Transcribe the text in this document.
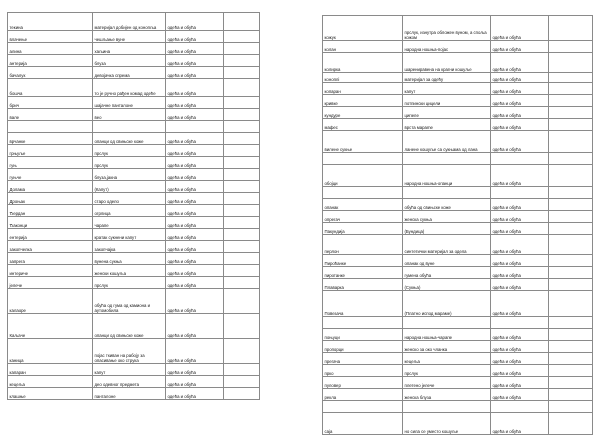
текина	материјал добијен од конопља	одећа и обућа	
влачење	чешљање вуне	одећа и обућа	
алина	хаљина	одећа и обућа	
антерија	блуза	одећа и обућа	
бачалук	девојачка спрема	одећа и обућа	
бошча	то је ручно рађен комад одеће	одећа и обућа	
брич	шајачне панталоне	одећа и обућа	
вале	вео	одећа и обућа	

врчанке	опанци од свињске коже	одећа и обућа	
грњуље	прслук	одећа и обућа	
гуњ	прслук	одећа и обућа	
гуњче	блуза,јакна	одећа и обућа	
Долама	(Капут)	одећа и обућа	
Дроњак	старо одело	одећа и обућа	
Ђердан	огрлица	одећа и обућа	
Ђаконци	чарапе	одећа и обућа	
ентерија	кратак сукнени капут	одећа и обућа	
закопчелка	закопчајка	одећа и обућа	
запрега	вунена сукња	одећа и обућа	
интериче	женски кошуља	одећа и обућа	
јелече	прслук	одећа и обућа	
калаоре	обућа од гума од камиона и аутомобила	одећа и обућа	
Каљаче	опанци од свињске коже	одећа и обућа	
каница	појас ткиван на рабоју за опасивање око струка	одећа и обућа	
капаран	капут	одећа и обућа	
кецеља	део одевног предмета	одећа и обућа	
клашње	панталоне	одећа и обућа	
кожук	прслук, изнутра обложен вуном, а споља кожом	одећа и обућа	
колан	народна ношња-појас	одећа и обућа	
колирка	шарениравена на крагни кошуље	одећа и обућа	
коноплі	материјал за одећу	одећа и обућа	
копарaн	капут	одећа и обућа	
кривке	потпински цицели	одећа и обућа	
кундуре	ципеле	одећа и обућа	
мафес	врста марame	одећа и обућа	
вилене сукње	ланене кошуље са сукњама од лана	одећа и обућа	

обојци	народна ношња-опанци	одећа и обућа	

опанак	обућа од свињске коже	одећа и обућа	
опрегач	женска сукња	одећа и обућа	
Пакундија	(Бундица)	одећа и обућа	
перлон	синтетички материјал за одела	одећа и обућа	
Пироћанке	опанак од вуне	одећа и обућа	
пиротанке	гумена обућа	одећа и обућа	
Плаварка	(Сукња)	одећа и обућа	
Повезача	(Платно испод марамe)	одећа и обућа	

поњуци	народна ношња-чарапе	одећа и обућа	
пропорци	женско за око чланка	одећа и обућа	
прегача	кецеља	одећа и обућа	
пркo	прслук	одећа и обућа	
пуловер	плетено јелече	одећа и обућа	
рекла	женска блуза	одећа и обућа	

саја	но сила се уместо кошуље	одећа и обућа	
